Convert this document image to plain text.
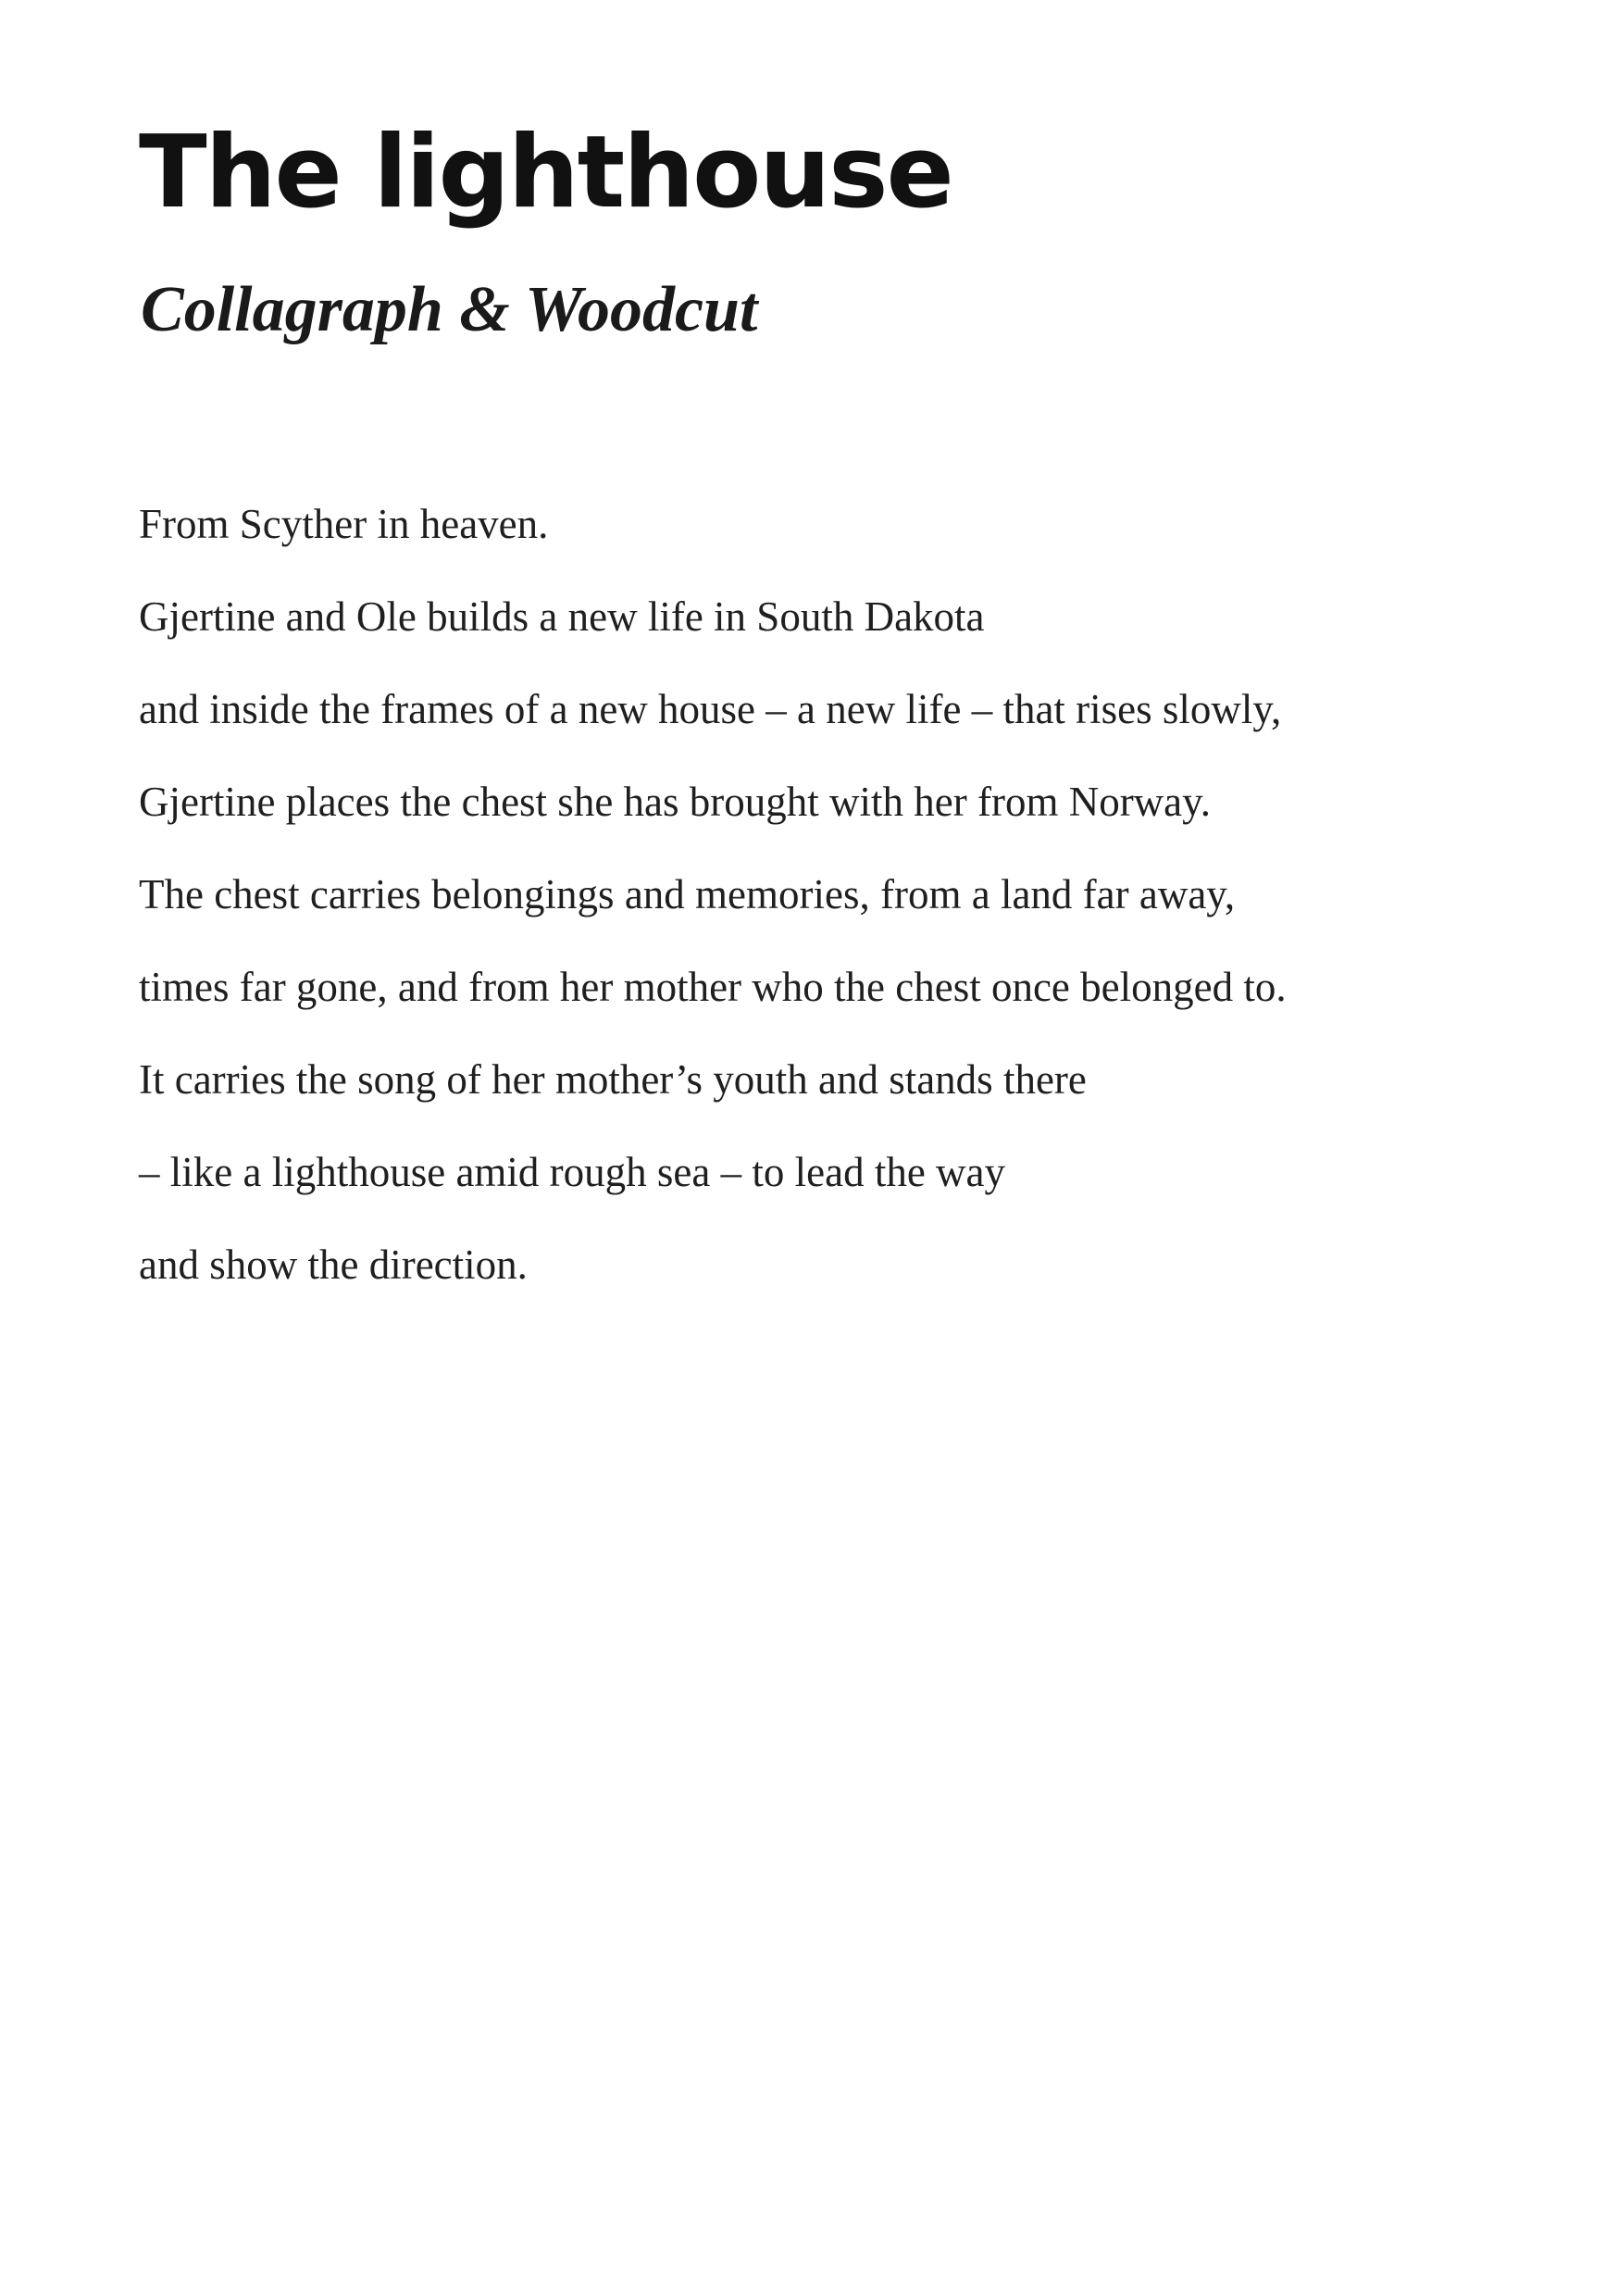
The lighthouse
Collagraph & Woodcut
From Scyther in heaven.
Gjertine and Ole builds a new life in South Dakota
and inside the frames of a new house – a new life – that rises slowly,
Gjertine places the chest she has brought with her from Norway.
The chest carries belongings and memories, from a land far away,
times far gone, and from her mother who the chest once belonged to.
It carries the song of her mother’s youth and stands there
– like a lighthouse amid rough sea – to lead the way
and show the direction.
